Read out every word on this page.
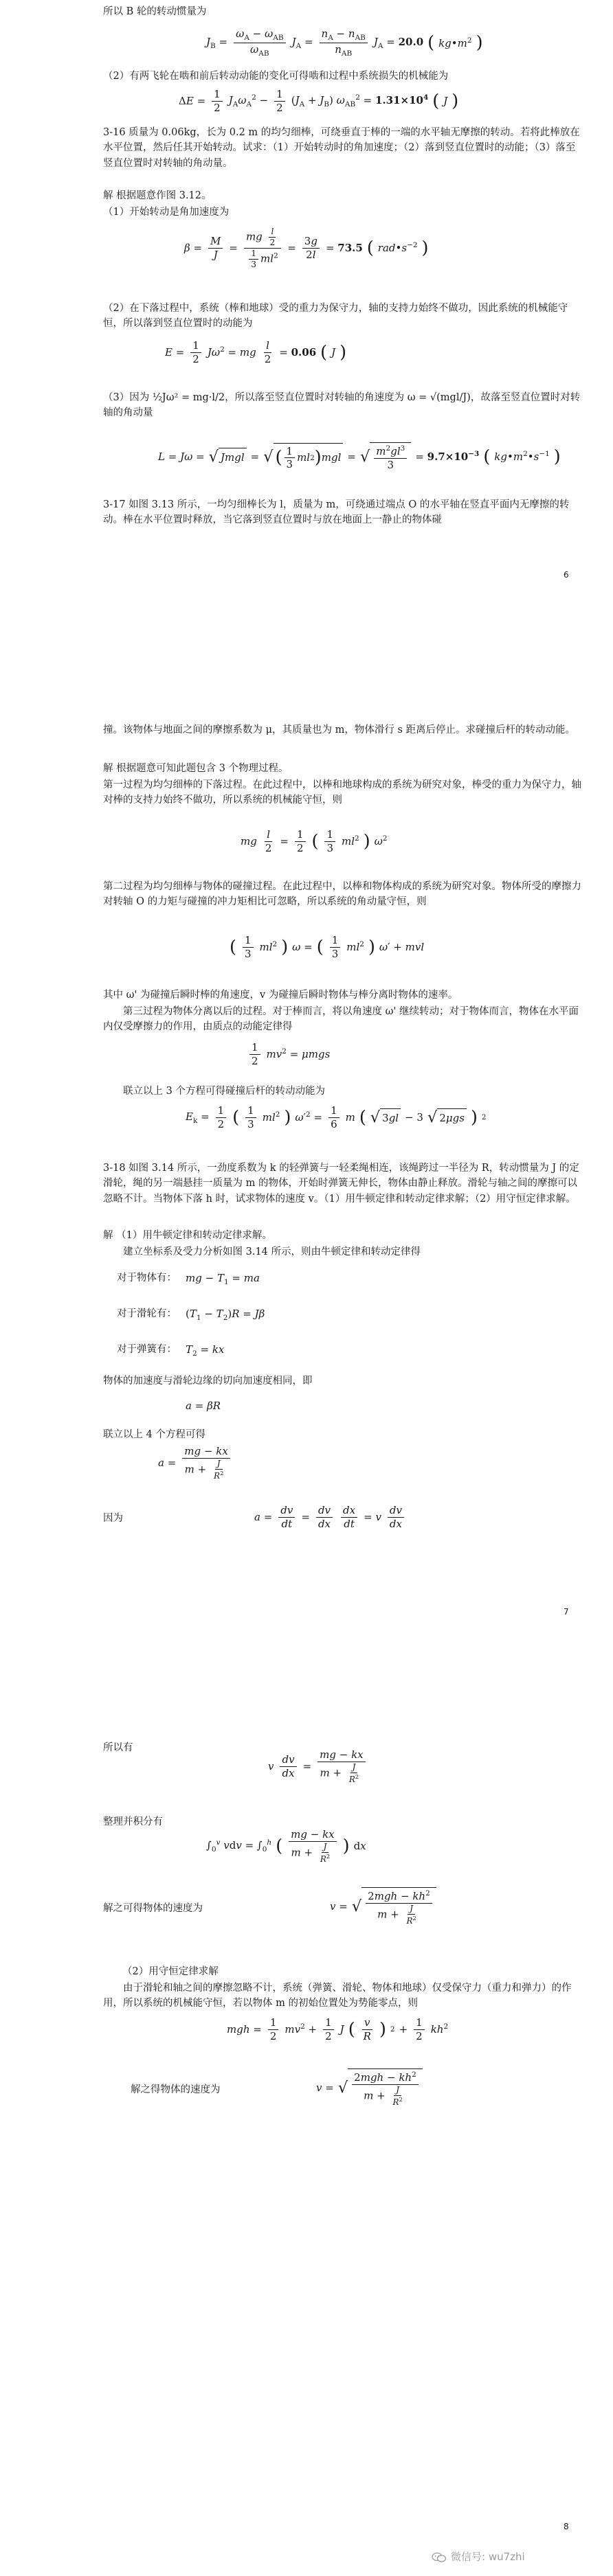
所以 B 轮的转动惯量为
$J_B = \frac{\omega_A - \omega_{AB}}{\omega_{AB}} J_A = \frac{n_A - n_{AB}}{n_{AB}} J_A = 20.0$ ( $kg•m^2$ )
（2）有两飞轮在啮和前后转动动能的变化可得啮和过程中系统损失的机械能为
$\Delta E = \frac{1}{2} J_A\omega_A^2 - \frac{1}{2} (J_A + J_B) \omega_{AB}^2 = 1.31\times 10^4$ ( J )
3-16 质量为 0.06kg，长为 0.2 m 的均匀细棒，可绕垂直于棒的一端的水平轴无摩擦的转动。若将此棒放在水平位置，然后任其开始转动。试求：（1）开始转动时的角加速度；（2）落到竖直位置时的动能；（3）落至竖直位置时对转轴的角动量。
解 根据题意作图 3.12。
（1）开始转动是角加速度为
$\beta = \frac{M}{J} = \frac{mg \frac{l}{2}}{\frac{1}{3} ml^2} = \frac{3g}{2l} = 73.5$ ( $rad•s^{-2}$ )
（2）在下落过程中，系统（棒和地球）受的重力为保守力，轴的支持力始终不做功，因此系统的机械能守恒，所以落到竖直位置时的动能为
$E = \frac{1}{2} J\omega^2$ = mg $\frac{l}{2} = 0.06$ ( J )
（3）因为 ½Jω² = mg·l/2，所以落至竖直位置时对转轴的角速度为 ω = √(mgl/J)，故落至竖直位置时对转轴的角动量
L = Jω = √ Jmgl = √ ( $\frac{1}{3}$ ml 2 ) mgl = √ $\frac{m^2gl^3}{3} = 9.7\times 10^{-3}$ ( $kg•m^2•s^{-1}$ )
3-17 如图 3.13 所示，一均匀细棒长为 l，质量为 m，可绕通过端点 O 的水平轴在竖直平面内无摩擦的转动。棒在水平位置时释放，当它落到竖直位置时与放在地面上一静止的物体碰
6
撞。该物体与地面之间的摩擦系数为 μ，其质量也为 m，物体滑行 s 距离后停止。求碰撞后杆的转动动能。
解 根据题意可知此题包含 3 个物理过程。
第一过程为均匀细棒的下落过程。在此过程中，以棒和地球构成的系统为研究对象，棒受的重力为保守力，轴对棒的支持力始终不做功，所以系统的机械能守恒，则
mg $\frac{l}{2} = \frac{1}{2}$ ( $\frac{1}{3} ml^2$ ) $\omega^2$
第二过程为均匀细棒与物体的碰撞过程。在此过程中，以棒和物体构成的系统为研究对象。物体所受的摩擦力对转轴 O 的力矩与碰撞的冲力矩相比可忽略，所以系统的角动量守恒，则
( $\frac{1}{3} ml^2$ ) ω = ( $\frac{1}{3} ml^2$ ) ω′ + mvl
其中 ω' 为碰撞后瞬时棒的角速度，v 为碰撞后瞬时物体与棒分离时物体的速率。
第三过程为物体分离以后的过程。对于棒而言，将以角速度 ω' 继续转动；对于物体而言，物体在水平面内仅受摩擦力的作用，由质点的动能定律得
$\frac{1}{2} mv^2 = \mu mgs$
联立以上 3 个方程可得碰撞后杆的转动动能为
$E_k = \frac{1}{2}$ ( $\frac{1}{3} ml^2$ ) $\omega'^2 = \frac{1}{6}$ m ( √ 3 gl − 3 √ 2 μgs ) 2
3-18 如图 3.14 所示，一劲度系数为 k 的轻弹簧与一轻柔绳相连，该绳跨过一半径为 R，转动惯量为 J 的定滑轮，绳的另一端悬挂一质量为 m 的物体，开始时弹簧无伸长，物体由静止释放。滑轮与轴之间的摩擦可以忽略不计。当物体下落 h 时，试求物体的速度 v。（1）用牛顿定律和转动定律求解；（2）用守恒定律求解。
解 （1）用牛顿定律和转动定律求解。
建立坐标系及受力分析如图 3.14 所示，则由牛顿定律和转动定律得
对于物体有： mg − $T_1$ = ma
对于滑轮有： $(T_1 - T_2)R = J\beta$
对于弹簧有： $T_2$ = kx
物体的加速度与滑轮边缘的切向加速度相同，即
a = βR
联立以上 4 个方程可得
$a = \frac{mg - kx}{m + \frac{J}{R^2}}$
因为	$a = \frac{dv}{dt} = \frac{dv}{dx} \frac{dx}{dt} = v \frac{dv}{dx}$
7
所以有
v $\frac{dv}{dx} = \frac{mg - kx}{m + \frac{J}{R^2}}$
整理并积分有
$\int_0^v$ vdv = $\int_0^h$ ( $\frac{mg - kx}{m + \frac{J}{R^2}}$ ) dx
解之可得物体的速度为	v = √ $\frac{2mgh - kh^2}{m + \frac{J}{R^2}}$
（2）用守恒定律求解
由于滑轮和轴之间的摩擦忽略不计，系统（弹簧、滑轮、物体和地球）仅受保守力（重力和弹力）的作用，所以系统的机械能守恒，若以物体 m 的初始位置处为势能零点，则
mgh = $\frac{1}{2} mv^2 + \frac{1}{2}$ J ( $\frac{v}{R}$ ) $2 + \frac{1}{2} kh^2$
解之得物体的速度为	v = √ $\frac{2mgh - kh^2}{m + \frac{J}{R^2}}$
8
微信号: wu7zhi
